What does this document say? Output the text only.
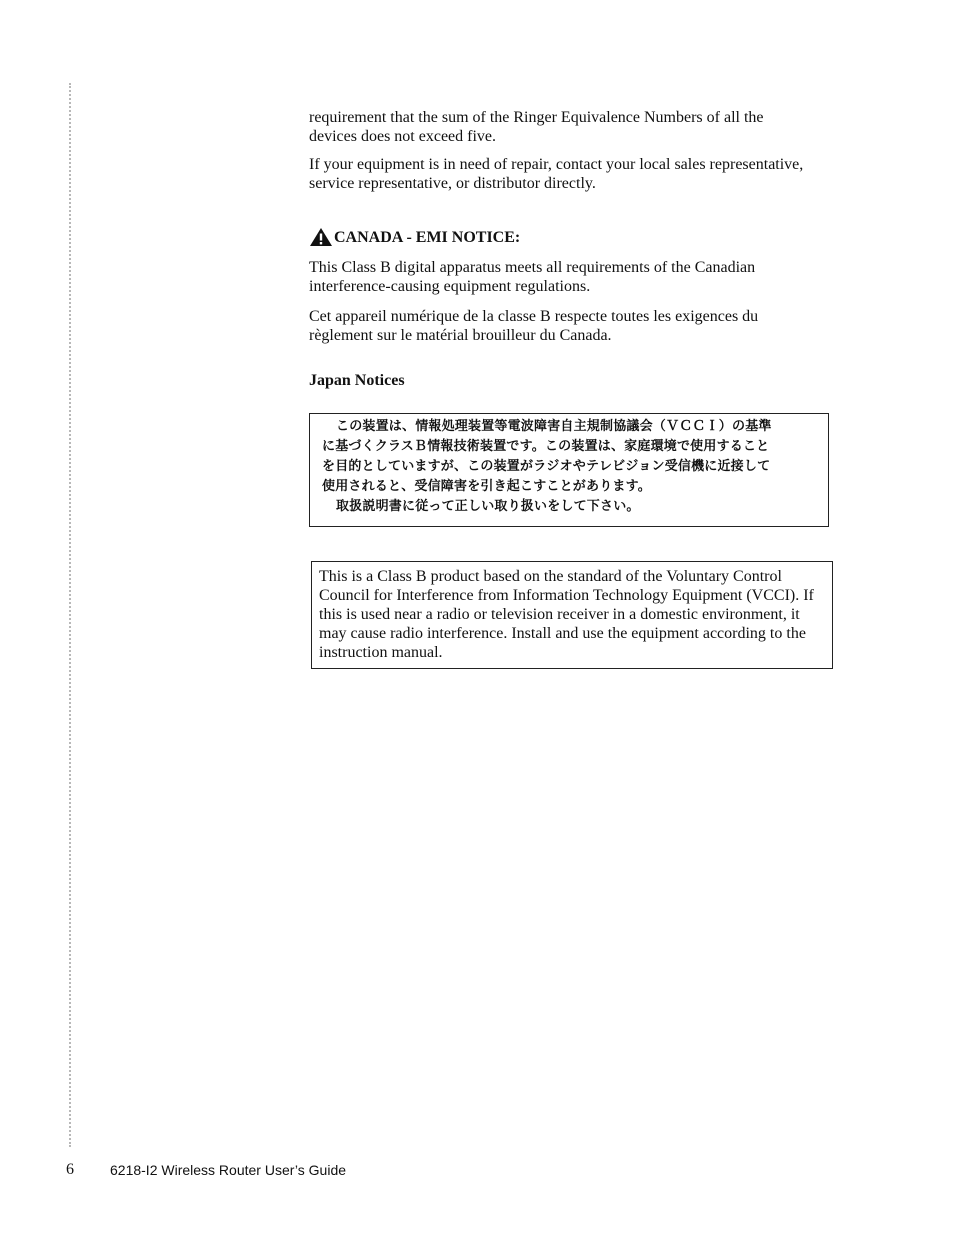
requirement that the sum of the Ringer Equivalence Numbers of all the devices does not exceed five.

If your equipment is in need of repair, contact your local sales representative, service representative, or distributor directly.

CANADA - EMI NOTICE:

This Class B digital apparatus meets all requirements of the Canadian interference-causing equipment regulations.

Cet appareil numérique de la classe B respecte toutes les exigences du règlement sur le matérial brouilleur du Canada.

Japan Notices

この装置は、情報処理装置等電波障害自主規制協議会（ＶＣＣＩ）の基準

に基づくクラスＢ情報技術装置です。この装置は、家庭環境で使用すること

を目的としていますが、この装置がラジオやテレビジョン受信機に近接して

使用されると、受信障害を引き起こすことがあります。

取扱説明書に従って正しい取り扱いをして下さい。

This is a Class B product based on the standard of the Voluntary Control Council for Interference from Information Technology Equipment (VCCI). If this is used near a radio or television receiver in a domestic environment, it may cause radio interference. Install and use the equipment according to the instruction manual.
6	6218-I2 Wireless Router User’s Guide
